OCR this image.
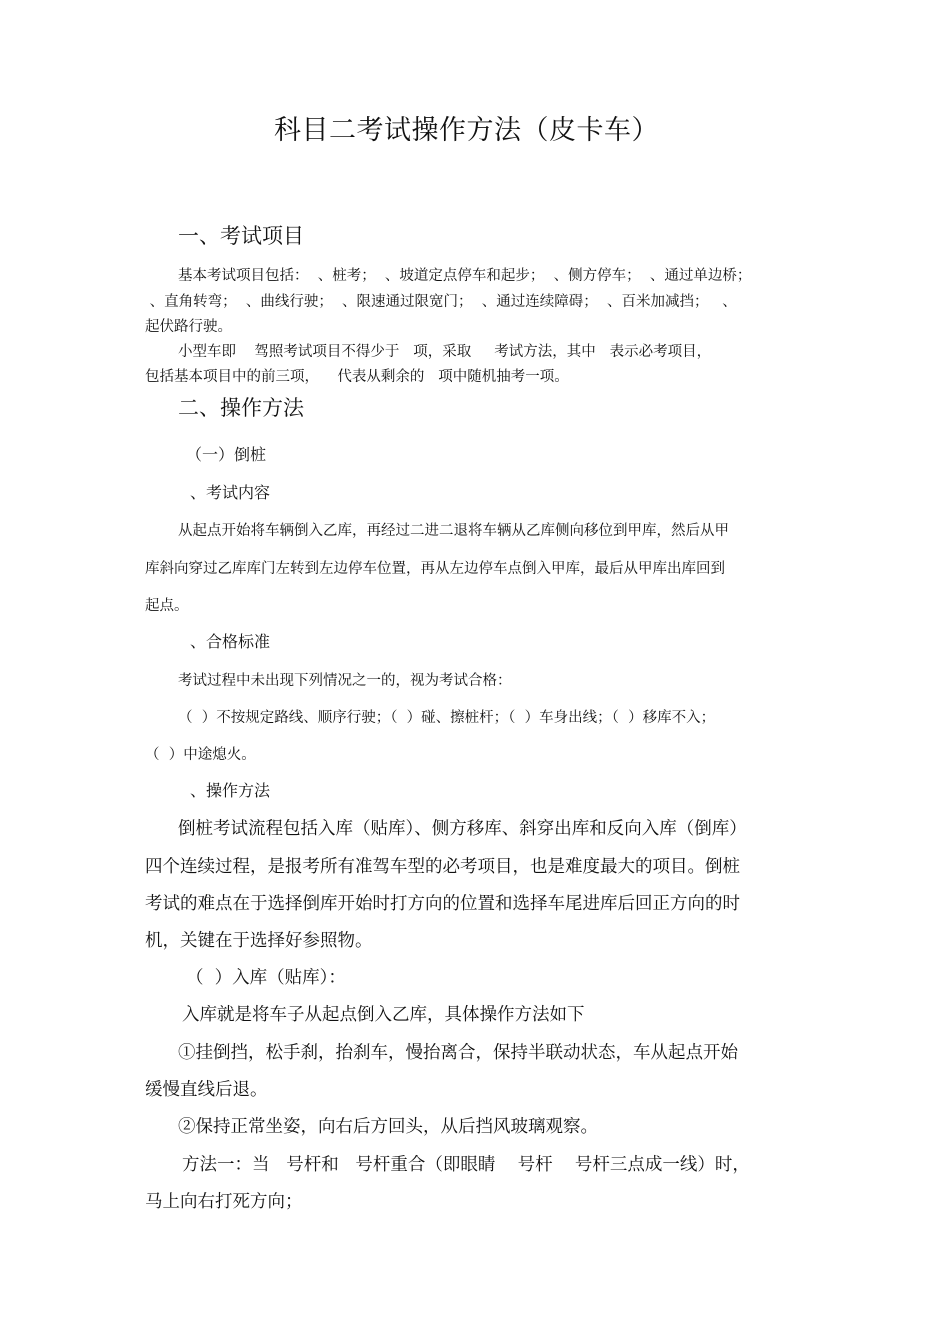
科目二考试操作方法（皮卡车）
一、考试项目
基本考试项目包括：  、桩考；  、坡道定点停车和起步；  、侧方停车；  、通过单边桥；
、直角转弯；  、曲线行驶；  、限速通过限宽门；  、通过连续障碍；  、百米加减挡；   、
起伏路行驶。
小型车即    驾照考试项目不得少于   项，采取     考试方法，其中   表示必考项目，
包括基本项目中的前三项，    代表从剩余的   项中随机抽考一项。
二、操作方法
（一）倒桩
、考试内容
从起点开始将车辆倒入乙库，再经过二进二退将车辆从乙库侧向移位到甲库，然后从甲
库斜向穿过乙库库门左转到左边停车位置，再从左边停车点倒入甲库，最后从甲库出库回到
起点。
、合格标准
考试过程中未出现下列情况之一的，视为考试合格：
（  ）不按规定路线、顺序行驶；（  ）碰、擦桩杆；（  ）车身出线；（  ）移库不入；
（  ）中途熄火。
、操作方法
倒桩考试流程包括入库（贴库）、侧方移库、斜穿出库和反向入库（倒库）
四个连续过程，是报考所有准驾车型的必考项目，也是难度最大的项目。倒桩
考试的难点在于选择倒库开始时打方向的位置和选择车尾进库后回正方向的时
机，关键在于选择好参照物。
（  ）入库（贴库）：
入库就是将车子从起点倒入乙库，具体操作方法如下
①挂倒挡，松手刹，抬刹车，慢抬离合，保持半联动状态，车从起点开始
缓慢直线后退。
②保持正常坐姿，向右后方回头，从后挡风玻璃观察。
方法一：当   号杆和   号杆重合（即眼睛    号杆    号杆三点成一线）时，
马上向右打死方向；
